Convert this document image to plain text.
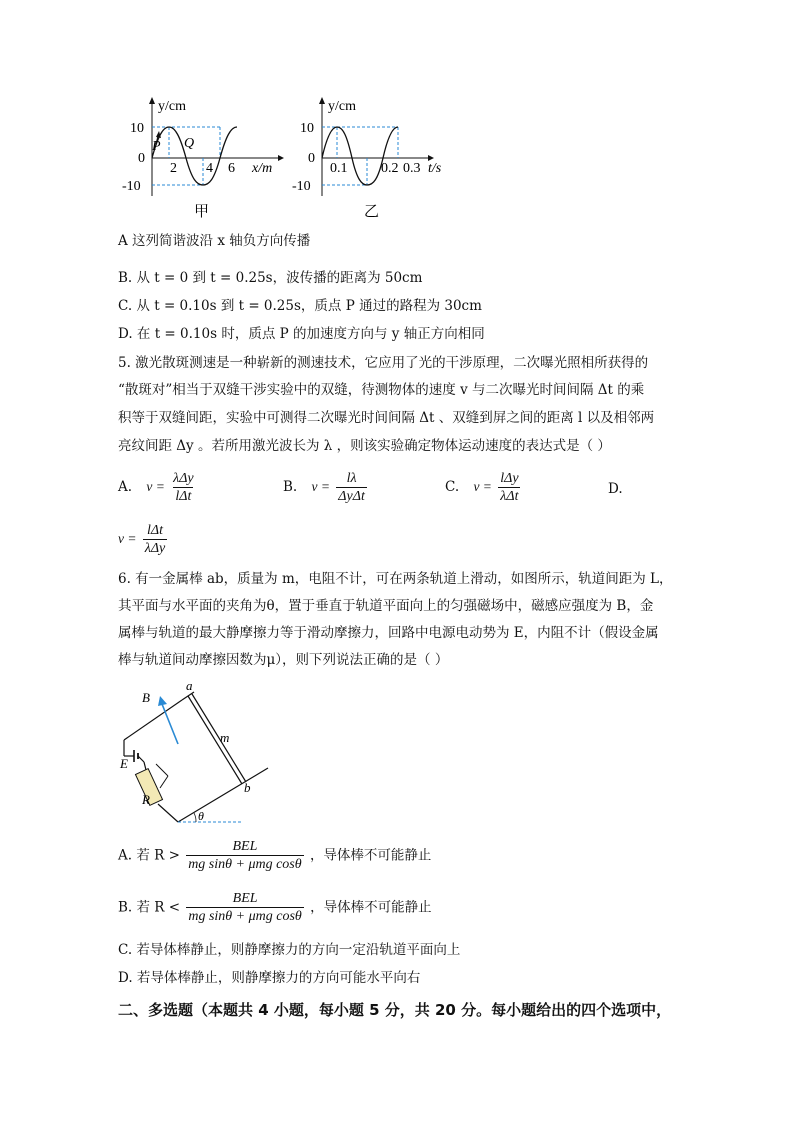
y/cm
10
0
-10
2 4 6 x/m
P Q
甲
y/cm
10
0
-10
0.1 0.2 0.3 t/s
乙
A 这列简谐波沿 x 轴负方向传播
B. 从 t = 0 到 t = 0.25s，波传播的距离为 50cm
C. 从 t = 0.10s 到 t = 0.25s，质点 P 通过的路程为 30cm
D. 在 t = 0.10s 时，质点 P 的加速度方向与 y 轴正方向相同
5. 激光散斑测速是一种崭新的测速技术，它应用了光的干涉原理，二次曝光照相所获得的
“散斑对”相当于双缝干涉实验中的双缝，待测物体的速度 v 与二次曝光时间间隔 Δt 的乘
积等于双缝间距，实验中可测得二次曝光时间间隔 Δt 、双缝到屏之间的距离 l 以及相邻两
亮纹间距 Δy 。若所用激光波长为 λ ，则该实验确定物体运动速度的表达式是（ ）
A. $v = \frac{\text{λΔy}}{\text{lΔt}}$	B. $v = \frac{l\lambda}{\text{ΔyΔt}}$	C. $v = \frac{\text{lΔy}}{\text{λΔt}}$	D.
$v = \frac{\text{lΔt}}{\text{λΔy}}$
6. 有一金属棒 ab，质量为 m，电阻不计，可在两条轨道上滑动，如图所示，轨道间距为 L，
其平面与水平面的夹角为θ，置于垂直于轨道平面向上的匀强磁场中，磁感应强度为 B，金
属棒与轨道的最大静摩擦力等于滑动摩擦力，回路中电源电动势为 E，内阻不计（假设金属
棒与轨道间动摩擦因数为μ），则下列说法正确的是（ ）
a
b
B
m
E
R
θ
A. 若 $R > \frac{\text{BEL}}{\text{mg sinθ + μmg cosθ}}$ ，导体棒不可能静止
B. 若 $R < \frac{\text{BEL}}{\text{mg sinθ + μmg cosθ}}$ ，导体棒不可能静止
C. 若导体棒静止，则静摩擦力的方向一定沿轨道平面向上
D. 若导体棒静止，则静摩擦力的方向可能水平向右
二、多选题（本题共 4 小题，每小题 5 分，共 20 分。每小题给出的四个选项中，
